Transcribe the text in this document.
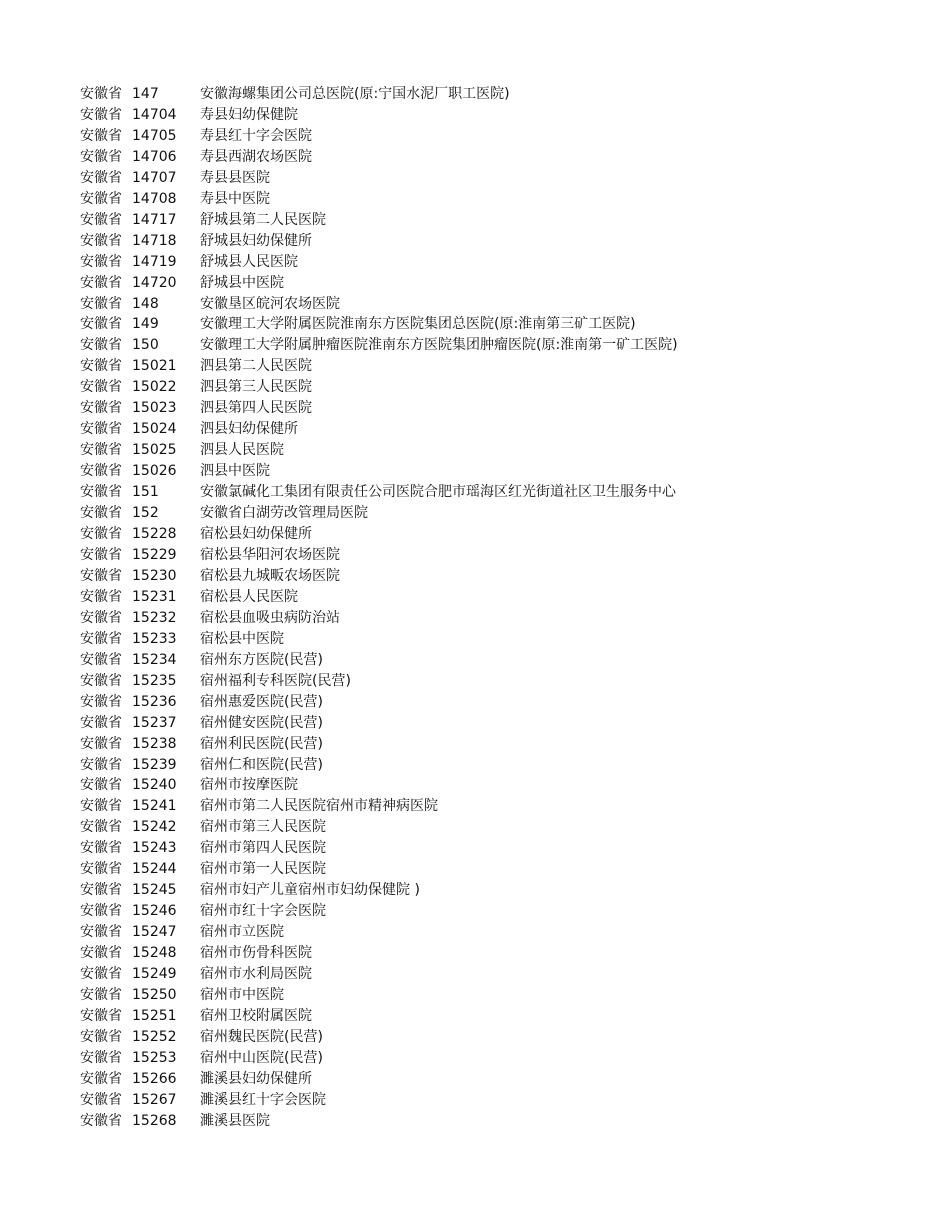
安徽省 147	安徽海螺集团公司总医院(原:宁国水泥厂职工医院)
安徽省 14704	寿县妇幼保健院
安徽省 14705	寿县红十字会医院
安徽省 14706	寿县西湖农场医院
安徽省 14707	寿县县医院
安徽省 14708	寿县中医院
安徽省 14717	舒城县第二人民医院
安徽省 14718	舒城县妇幼保健所
安徽省 14719	舒城县人民医院
安徽省 14720	舒城县中医院
安徽省 148	安徽垦区皖河农场医院
安徽省 149	安徽理工大学附属医院淮南东方医院集团总医院(原:淮南第三矿工医院)
安徽省 150	安徽理工大学附属肿瘤医院淮南东方医院集团肿瘤医院(原:淮南第一矿工医院)
安徽省 15021	泗县第二人民医院
安徽省 15022	泗县第三人民医院
安徽省 15023	泗县第四人民医院
安徽省 15024	泗县妇幼保健所
安徽省 15025	泗县人民医院
安徽省 15026	泗县中医院
安徽省 151	安徽氯碱化工集团有限责任公司医院合肥市瑶海区红光街道社区卫生服务中心
安徽省 152	安徽省白湖劳改管理局医院
安徽省 15228	宿松县妇幼保健所
安徽省 15229	宿松县华阳河农场医院
安徽省 15230	宿松县九城畈农场医院
安徽省 15231	宿松县人民医院
安徽省 15232	宿松县血吸虫病防治站
安徽省 15233	宿松县中医院
安徽省 15234	宿州东方医院(民营)
安徽省 15235	宿州福利专科医院(民营)
安徽省 15236	宿州惠爱医院(民营)
安徽省 15237	宿州健安医院(民营)
安徽省 15238	宿州利民医院(民营)
安徽省 15239	宿州仁和医院(民营)
安徽省 15240	宿州市按摩医院
安徽省 15241	宿州市第二人民医院宿州市精神病医院
安徽省 15242	宿州市第三人民医院
安徽省 15243	宿州市第四人民医院
安徽省 15244	宿州市第一人民医院
安徽省 15245	宿州市妇产儿童宿州市妇幼保健院 )
安徽省 15246	宿州市红十字会医院
安徽省 15247	宿州市立医院
安徽省 15248	宿州市伤骨科医院
安徽省 15249	宿州市水利局医院
安徽省 15250	宿州市中医院
安徽省 15251	宿州卫校附属医院
安徽省 15252	宿州魏民医院(民营)
安徽省 15253	宿州中山医院(民营)
安徽省 15266	濉溪县妇幼保健所
安徽省 15267	濉溪县红十字会医院
安徽省 15268	濉溪县医院
